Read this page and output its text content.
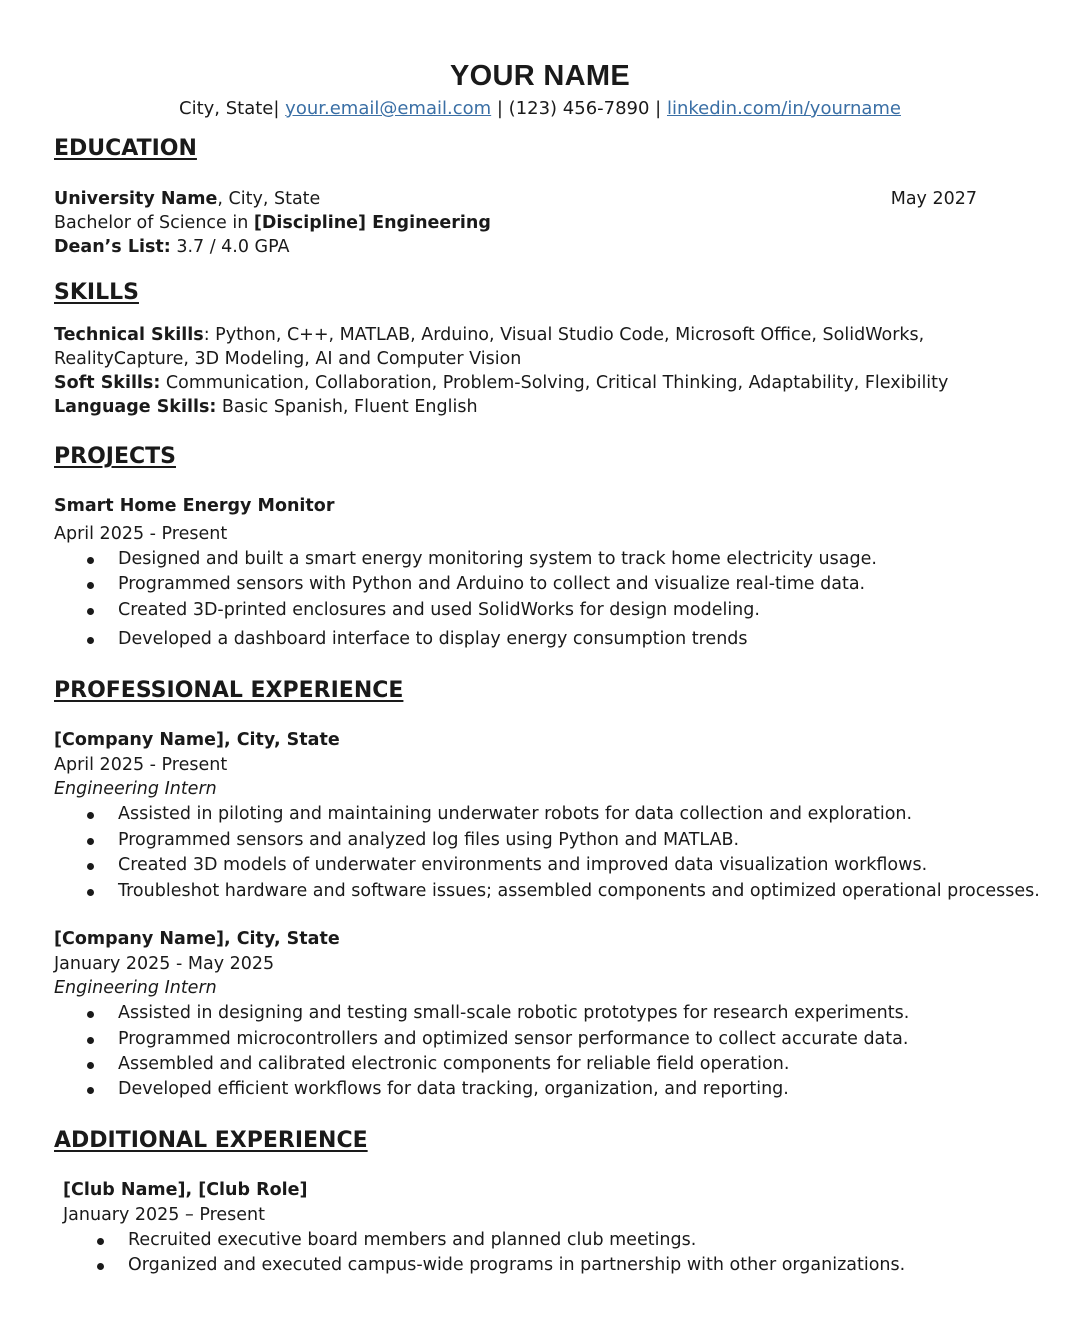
YOUR NAME
City, State| your.email@email.com | (123) 456-7890 | linkedin.com/in/yourname
EDUCATION
University Name, City, State	May 2027
Bachelor of Science in [Discipline] Engineering
Dean’s List: 3.7 / 4.0 GPA
SKILLS
Technical Skills: Python, C++, MATLAB, Arduino, Visual Studio Code, Microsoft Office, SolidWorks,
RealityCapture, 3D Modeling, AI and Computer Vision
Soft Skills: Communication, Collaboration, Problem-Solving, Critical Thinking, Adaptability, Flexibility
Language Skills: Basic Spanish, Fluent English
PROJECTS
Smart Home Energy Monitor
April 2025 - Present
Designed and built a smart energy monitoring system to track home electricity usage.
Programmed sensors with Python and Arduino to collect and visualize real-time data.
Created 3D-printed enclosures and used SolidWorks for design modeling.
Developed a dashboard interface to display energy consumption trends
PROFESSIONAL EXPERIENCE
[Company Name], City, State
April 2025 - Present
Engineering Intern
Assisted in piloting and maintaining underwater robots for data collection and exploration.
Programmed sensors and analyzed log files using Python and MATLAB.
Created 3D models of underwater environments and improved data visualization workflows.
Troubleshot hardware and software issues; assembled components and optimized operational processes.
[Company Name], City, State
January 2025 - May 2025
Engineering Intern
Assisted in designing and testing small-scale robotic prototypes for research experiments.
Programmed microcontrollers and optimized sensor performance to collect accurate data.
Assembled and calibrated electronic components for reliable field operation.
Developed efficient workflows for data tracking, organization, and reporting.
ADDITIONAL EXPERIENCE
[Club Name], [Club Role]
January 2025 – Present
Recruited executive board members and planned club meetings.
Organized and executed campus-wide programs in partnership with other organizations.
